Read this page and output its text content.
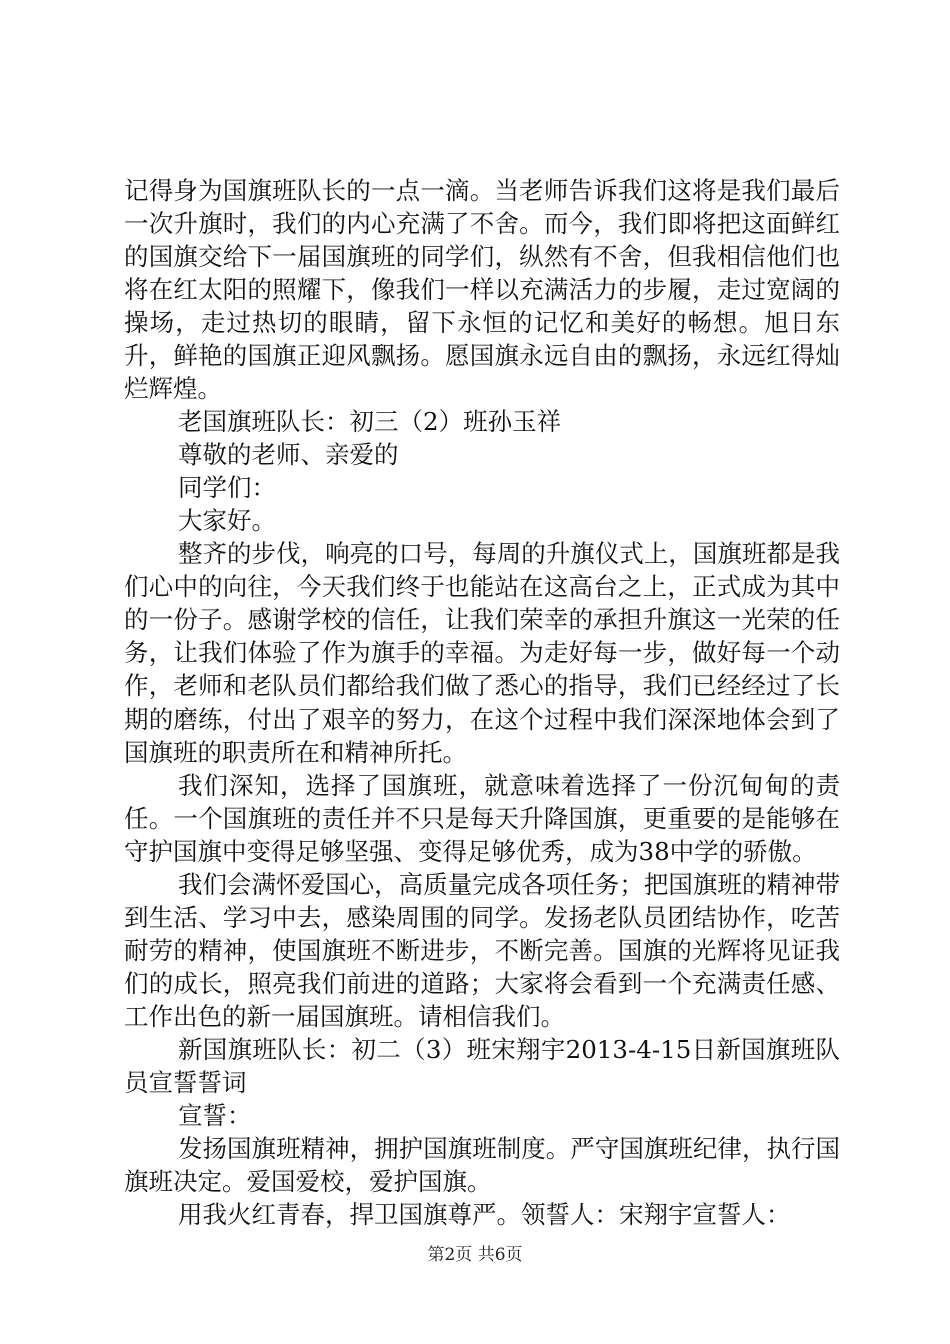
记得身为国旗班队长的一点一滴。当老师告诉我们这将是我们最后一次升旗时，我们的内心充满了不舍。而今，我们即将把这面鲜红的国旗交给下一届国旗班的同学们，纵然有不舍，但我相信他们也将在红太阳的照耀下，像我们一样以充满活力的步履，走过宽阔的操场，走过热切的眼睛，留下永恒的记忆和美好的畅想。旭日东升，鲜艳的国旗正迎风飘扬。愿国旗永远自由的飘扬，永远红得灿烂辉煌。

老国旗班队长：初三（2）班孙玉祥

尊敬的老师、亲爱的

同学们：

大家好。

整齐的步伐，响亮的口号，每周的升旗仪式上，国旗班都是我们心中的向往，今天我们终于也能站在这高台之上，正式成为其中的一份子。感谢学校的信任，让我们荣幸的承担升旗这一光荣的任务，让我们体验了作为旗手的幸福。为走好每一步，做好每一个动作，老师和老队员们都给我们做了悉心的指导，我们已经经过了长期的磨练，付出了艰辛的努力，在这个过程中我们深深地体会到了国旗班的职责所在和精神所托。

我们深知，选择了国旗班，就意味着选择了一份沉甸甸的责任。一个国旗班的责任并不只是每天升降国旗，更重要的是能够在守护国旗中变得足够坚强、变得足够优秀，成为38中学的骄傲。

我们会满怀爱国心，高质量完成各项任务；把国旗班的精神带到生活、学习中去，感染周围的同学。发扬老队员团结协作，吃苦耐劳的精神，使国旗班不断进步，不断完善。国旗的光辉将见证我们的成长，照亮我们前进的道路；大家将会看到一个充满责任感、工作出色的新一届国旗班。请相信我们。

新国旗班队长：初二（3）班宋翔宇2013-4-15日新国旗班队员宣誓誓词

宣誓：

发扬国旗班精神，拥护国旗班制度。严守国旗班纪律，执行国旗班决定。爱国爱校，爱护国旗。

用我火红青春，捍卫国旗尊严。领誓人：宋翔宇宣誓人：

第2页 共6页
